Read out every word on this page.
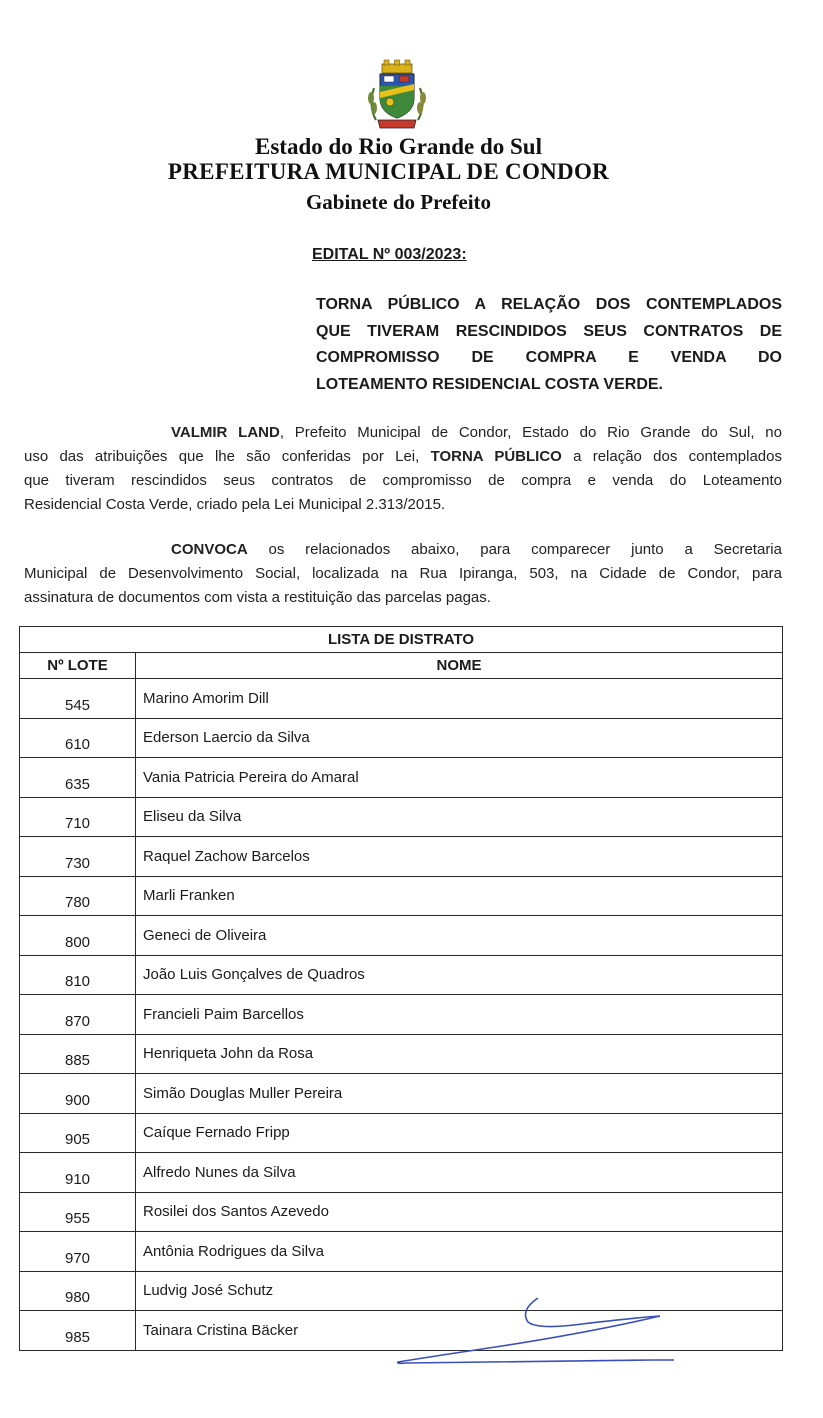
Estado do Rio Grande do Sul
PREFEITURA MUNICIPAL DE CONDOR
Gabinete do Prefeito
EDITAL Nº 003/2023:
TORNA PÚBLICO A RELAÇÃO DOS CONTEMPLADOS
QUE TIVERAM RESCINDIDOS SEUS CONTRATOS DE
COMPROMISSO DE COMPRA E VENDA DO
LOTEAMENTO RESIDENCIAL COSTA VERDE.
VALMIR LAND, Prefeito Municipal de Condor, Estado do Rio Grande do Sul, no
uso das atribuições que lhe são conferidas por Lei, TORNA PÚBLICO a relação dos contemplados
que tiveram rescindidos seus contratos de compromisso de compra e venda do Loteamento
Residencial Costa Verde, criado pela Lei Municipal 2.313/2015.
CONVOCA os relacionados abaixo, para comparecer junto a Secretaria
Municipal de Desenvolvimento Social, localizada na Rua Ipiranga, 503, na Cidade de Condor, para
assinatura de documentos com vista a restituição das parcelas pagas.
LISTA DE DISTRATO	
Nº LOTE	NOME
545	Marino Amorim Dill
610	Ederson Laercio da Silva
635	Vania Patricia Pereira do Amaral
710	Eliseu da Silva
730	Raquel Zachow Barcelos
780	Marli Franken
800	Geneci de Oliveira
810	João Luis Gonçalves de Quadros
870	Francieli Paim Barcellos
885	Henriqueta John da Rosa
900	Simão Douglas Muller Pereira
905	Caíque Fernado Fripp
910	Alfredo Nunes da Silva
955	Rosilei dos Santos Azevedo
970	Antônia Rodrigues da Silva
980	Ludvig José Schutz
985	Tainara Cristina Bäcker
